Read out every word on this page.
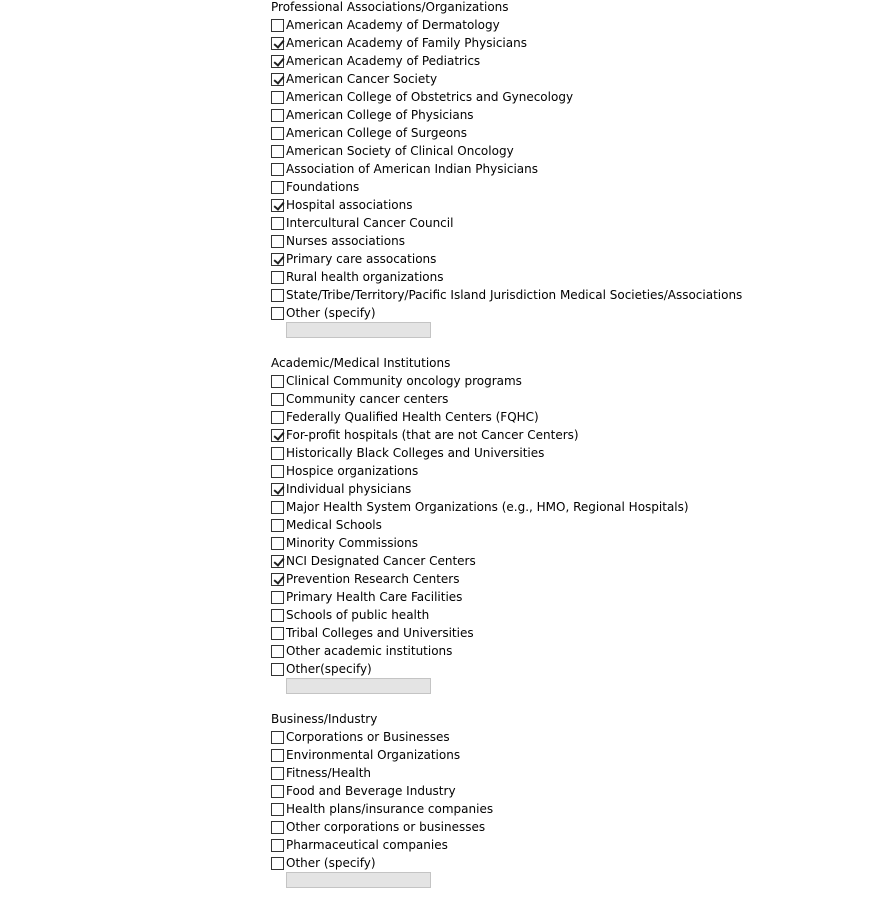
Professional Associations/Organizations
American Academy of Dermatology
American Academy of Family Physicians
American Academy of Pediatrics
American Cancer Society
American College of Obstetrics and Gynecology
American College of Physicians
American College of Surgeons
American Society of Clinical Oncology
Association of American Indian Physicians
Foundations
Hospital associations
Intercultural Cancer Council
Nurses associations
Primary care assocations
Rural health organizations
State/Tribe/Territory/Pacific Island Jurisdiction Medical Societies/Associations
Other (specify)
Academic/Medical Institutions
Clinical Community oncology programs
Community cancer centers
Federally Qualified Health Centers (FQHC)
For-profit hospitals (that are not Cancer Centers)
Historically Black Colleges and Universities
Hospice organizations
Individual physicians
Major Health System Organizations (e.g., HMO, Regional Hospitals)
Medical Schools
Minority Commissions
NCI Designated Cancer Centers
Prevention Research Centers
Primary Health Care Facilities
Schools of public health
Tribal Colleges and Universities
Other academic institutions
Other(specify)
Business/Industry
Corporations or Businesses
Environmental Organizations
Fitness/Health
Food and Beverage Industry
Health plans/insurance companies
Other corporations or businesses
Pharmaceutical companies
Other (specify)
